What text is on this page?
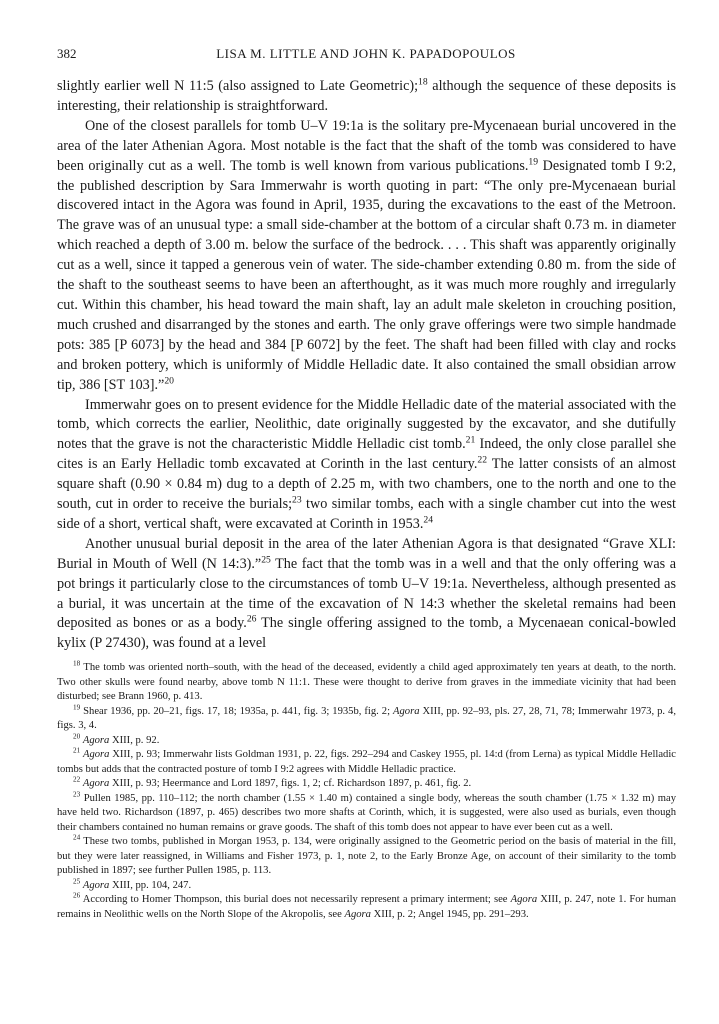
382	LISA M. LITTLE AND JOHN K. PAPADOPOULOS

slightly earlier well N 11:5 (also assigned to Late Geometric);$^{18}$ although the sequence of these deposits is interesting, their relationship is straightforward.

One of the closest parallels for tomb U–V 19:1a is the solitary pre-Mycenaean burial uncovered in the area of the later Athenian Agora. Most notable is the fact that the shaft of the tomb was considered to have been originally cut as a well. The tomb is well known from various publications.$^{19}$ Designated tomb I 9:2, the published description by Sara Immerwahr is worth quoting in part: “The only pre-Mycenaean burial discovered intact in the Agora was found in April, 1935, during the excavations to the east of the Metroon. The grave was of an unusual type: a small side-chamber at the bottom of a circular shaft 0.73 m. in diameter which reached a depth of 3.00 m. below the surface of the bedrock. . . . This shaft was apparently originally cut as a well, since it tapped a generous vein of water. The side-chamber extending 0.80 m. from the side of the shaft to the southeast seems to have been an afterthought, as it was much more roughly and irregularly cut. Within this chamber, his head toward the main shaft, lay an adult male skeleton in crouching position, much crushed and disarranged by the stones and earth. The only grave offerings were two simple handmade pots: 385 [P 6073] by the head and 384 [P 6072] by the feet. The shaft had been filled with clay and rocks and broken pottery, which is uniformly of Middle Helladic date. It also contained the small obsidian arrow tip, 386 [ST 103].”$^{20}$

Immerwahr goes on to present evidence for the Middle Helladic date of the material associated with the tomb, which corrects the earlier, Neolithic, date originally suggested by the excavator, and she dutifully notes that the grave is not the characteristic Middle Helladic cist tomb.$^{21}$ Indeed, the only close parallel she cites is an Early Helladic tomb excavated at Corinth in the last century.$^{22}$ The latter consists of an almost square shaft (0.90 × 0.84 m) dug to a depth of 2.25 m, with two chambers, one to the north and one to the south, cut in order to receive the burials;$^{23}$ two similar tombs, each with a single chamber cut into the west side of a short, vertical shaft, were excavated at Corinth in 1953.24

Another unusual burial deposit in the area of the later Athenian Agora is that designated “Grave XLI: Burial in Mouth of Well (N 14:3).”$^{25}$ The fact that the tomb was in a well and that the only offering was a pot brings it particularly close to the circumstances of tomb U–V 19:1a. Nevertheless, although presented as a burial, it was uncertain at the time of the excavation of N 14:3 whether the skeletal remains had been deposited as bones or as a body.$^{26}$ The single offering assigned to the tomb, a Mycenaean conical-bowled kylix (P 27430), was found at a level

$^{18}$ The tomb was oriented north–south, with the head of the deceased, evidently a child aged approximately ten years at death, to the north. Two other skulls were found nearby, above tomb N 11:1. These were thought to derive from graves in the immediate vicinity that had been disturbed; see Brann 1960, p. 413.

$^{19}$ Shear 1936, pp. 20–21, figs. 17, 18; 1935a, p. 441, fig. 3; 1935b, fig. 2; Agora XIII, pp. 92–93, pls. 27, 28, 71, 78; Immerwahr 1973, p. 4, figs. 3, 4.

$^{20}$ Agora XIII, p. 92.

$^{21}$ Agora XIII, p. 93; Immerwahr lists Goldman 1931, p. 22, figs. 292–294 and Caskey 1955, pl. 14:d (from Lerna) as typical Middle Helladic tombs but adds that the contracted posture of tomb I 9:2 agrees with Middle Helladic practice.

$^{22}$ Agora XIII, p. 93; Heermance and Lord 1897, figs. 1, 2; cf. Richardson 1897, p. 461, fig. 2.

$^{23}$ Pullen 1985, pp. 110–112; the north chamber (1.55 × 1.40 m) contained a single body, whereas the south chamber (1.75 × 1.32 m) may have held two. Richardson (1897, p. 465) describes two more shafts at Corinth, which, it is suggested, were also used as burials, even though their chambers contained no human remains or grave goods. The shaft of this tomb does not appear to have ever been cut as a well.

$^{24}$ These two tombs, published in Morgan 1953, p. 134, were originally assigned to the Geometric period on the basis of material in the fill, but they were later reassigned, in Williams and Fisher 1973, p. 1, note 2, to the Early Bronze Age, on account of their similarity to the tomb published in 1897; see further Pullen 1985, p. 113.

$^{25}$ Agora XIII, pp. 104, 247.

$^{26}$ According to Homer Thompson, this burial does not necessarily represent a primary interment; see Agora XIII, p. 247, note 1. For human remains in Neolithic wells on the North Slope of the Akropolis, see Agora XIII, p. 2; Angel 1945, pp. 291–293.
